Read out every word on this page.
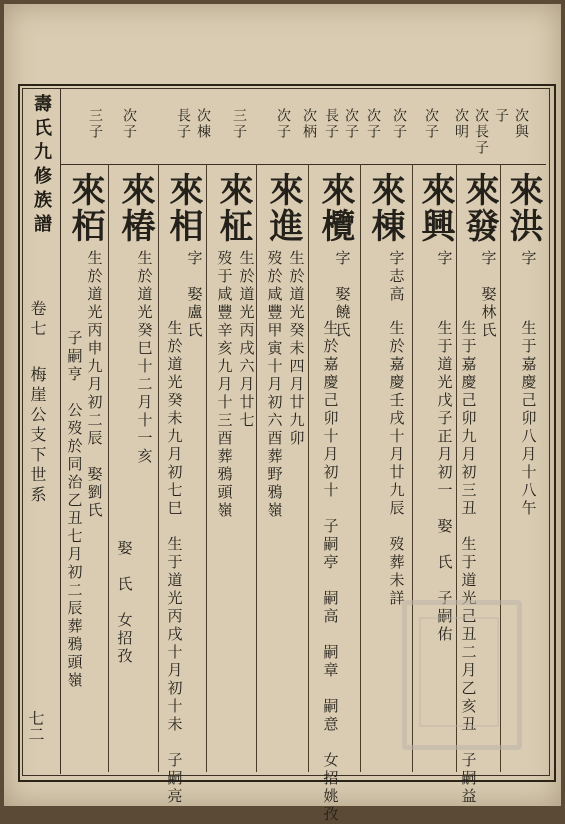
壽氏九修族譜
卷七
梅崖公支下世系
七二
次與
子
次長子
次明
次子
次子
次子
次子
長子
次柄
次子
三子
長子 次棟
次子
三子
來洪
字
生于嘉慶己卯八月十八午
來發
字　娶林氏
生于嘉慶己卯九月初三丑　生于道光己丑二月乙亥丑　子嗣益
來興
字
生于道光戊子正月初一　娶　氏　子嗣佑
來棟
字志高
生於嘉慶壬戌十月廿九辰　歿葬未詳
來欖
字　娶饒氏
生於嘉慶己卯十月初十　子嗣亭　嗣高　嗣章　嗣意　女招姚孜
來進
生於道光癸未四月廿九卯
歿於咸豐甲寅十月初六酉葬野鴉嶺
來柾
生於道光丙戌六月廿七
歿于咸豐辛亥九月十三酉葬鴉頭嶺
來相
字　娶盧氏
生於道光癸未九月初七巳　生于道光丙戌十月初十未　子嗣亮
來椿
生於道光癸巳十二月十一亥
娶　氏　女招孜
來栢
生於道光丙申九月初二辰　娶劉氏
子嗣亨　公歿於同治乙丑七月初二辰葬鴉頭嶺
